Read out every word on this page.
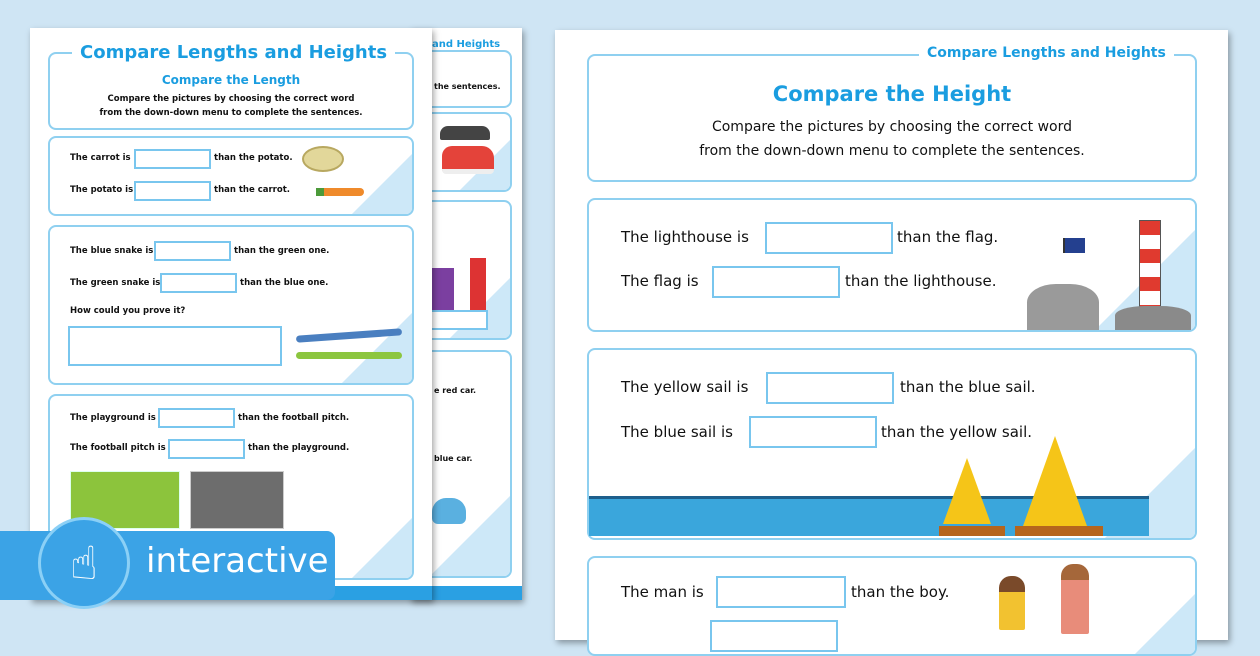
and Heights
the sentences.
e red car.
blue car.
Compare Lengths and Heights
Compare the Length
Compare the pictures by choosing the correct word
from the down-down menu to complete the sentences.
The carrot is	than the potato.
The potato is	than the carrot.
The blue snake is	than the green one.
The green snake is	than the blue one.
How could you prove it?
The playground is	than the football pitch.
The football pitch is	than the playground.
☝	interactive
Compare Lengths and Heights
Compare the Height
Compare the pictures by choosing the correct word
from the down-down menu to complete the sentences.
The lighthouse is	than the flag.
The flag is	than the lighthouse.
The yellow sail is	than the blue sail.
The blue sail is	than the yellow sail.
The man is	than the boy.
